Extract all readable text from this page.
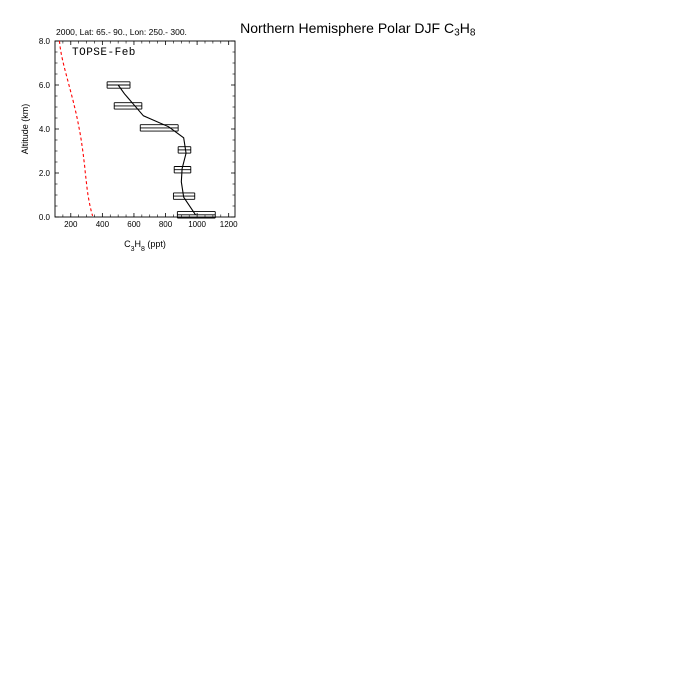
Northern Hemisphere Polar DJF $C_3H_8$

2000, Lat: 65.- 90., Lon: 250.- 300.
TOPSE-Feb
200 400 600 800 1000 1200
0.0
2.0
4.0
6.0
8.0
$C_3H_8$ (ppt)
Altitude (km)
